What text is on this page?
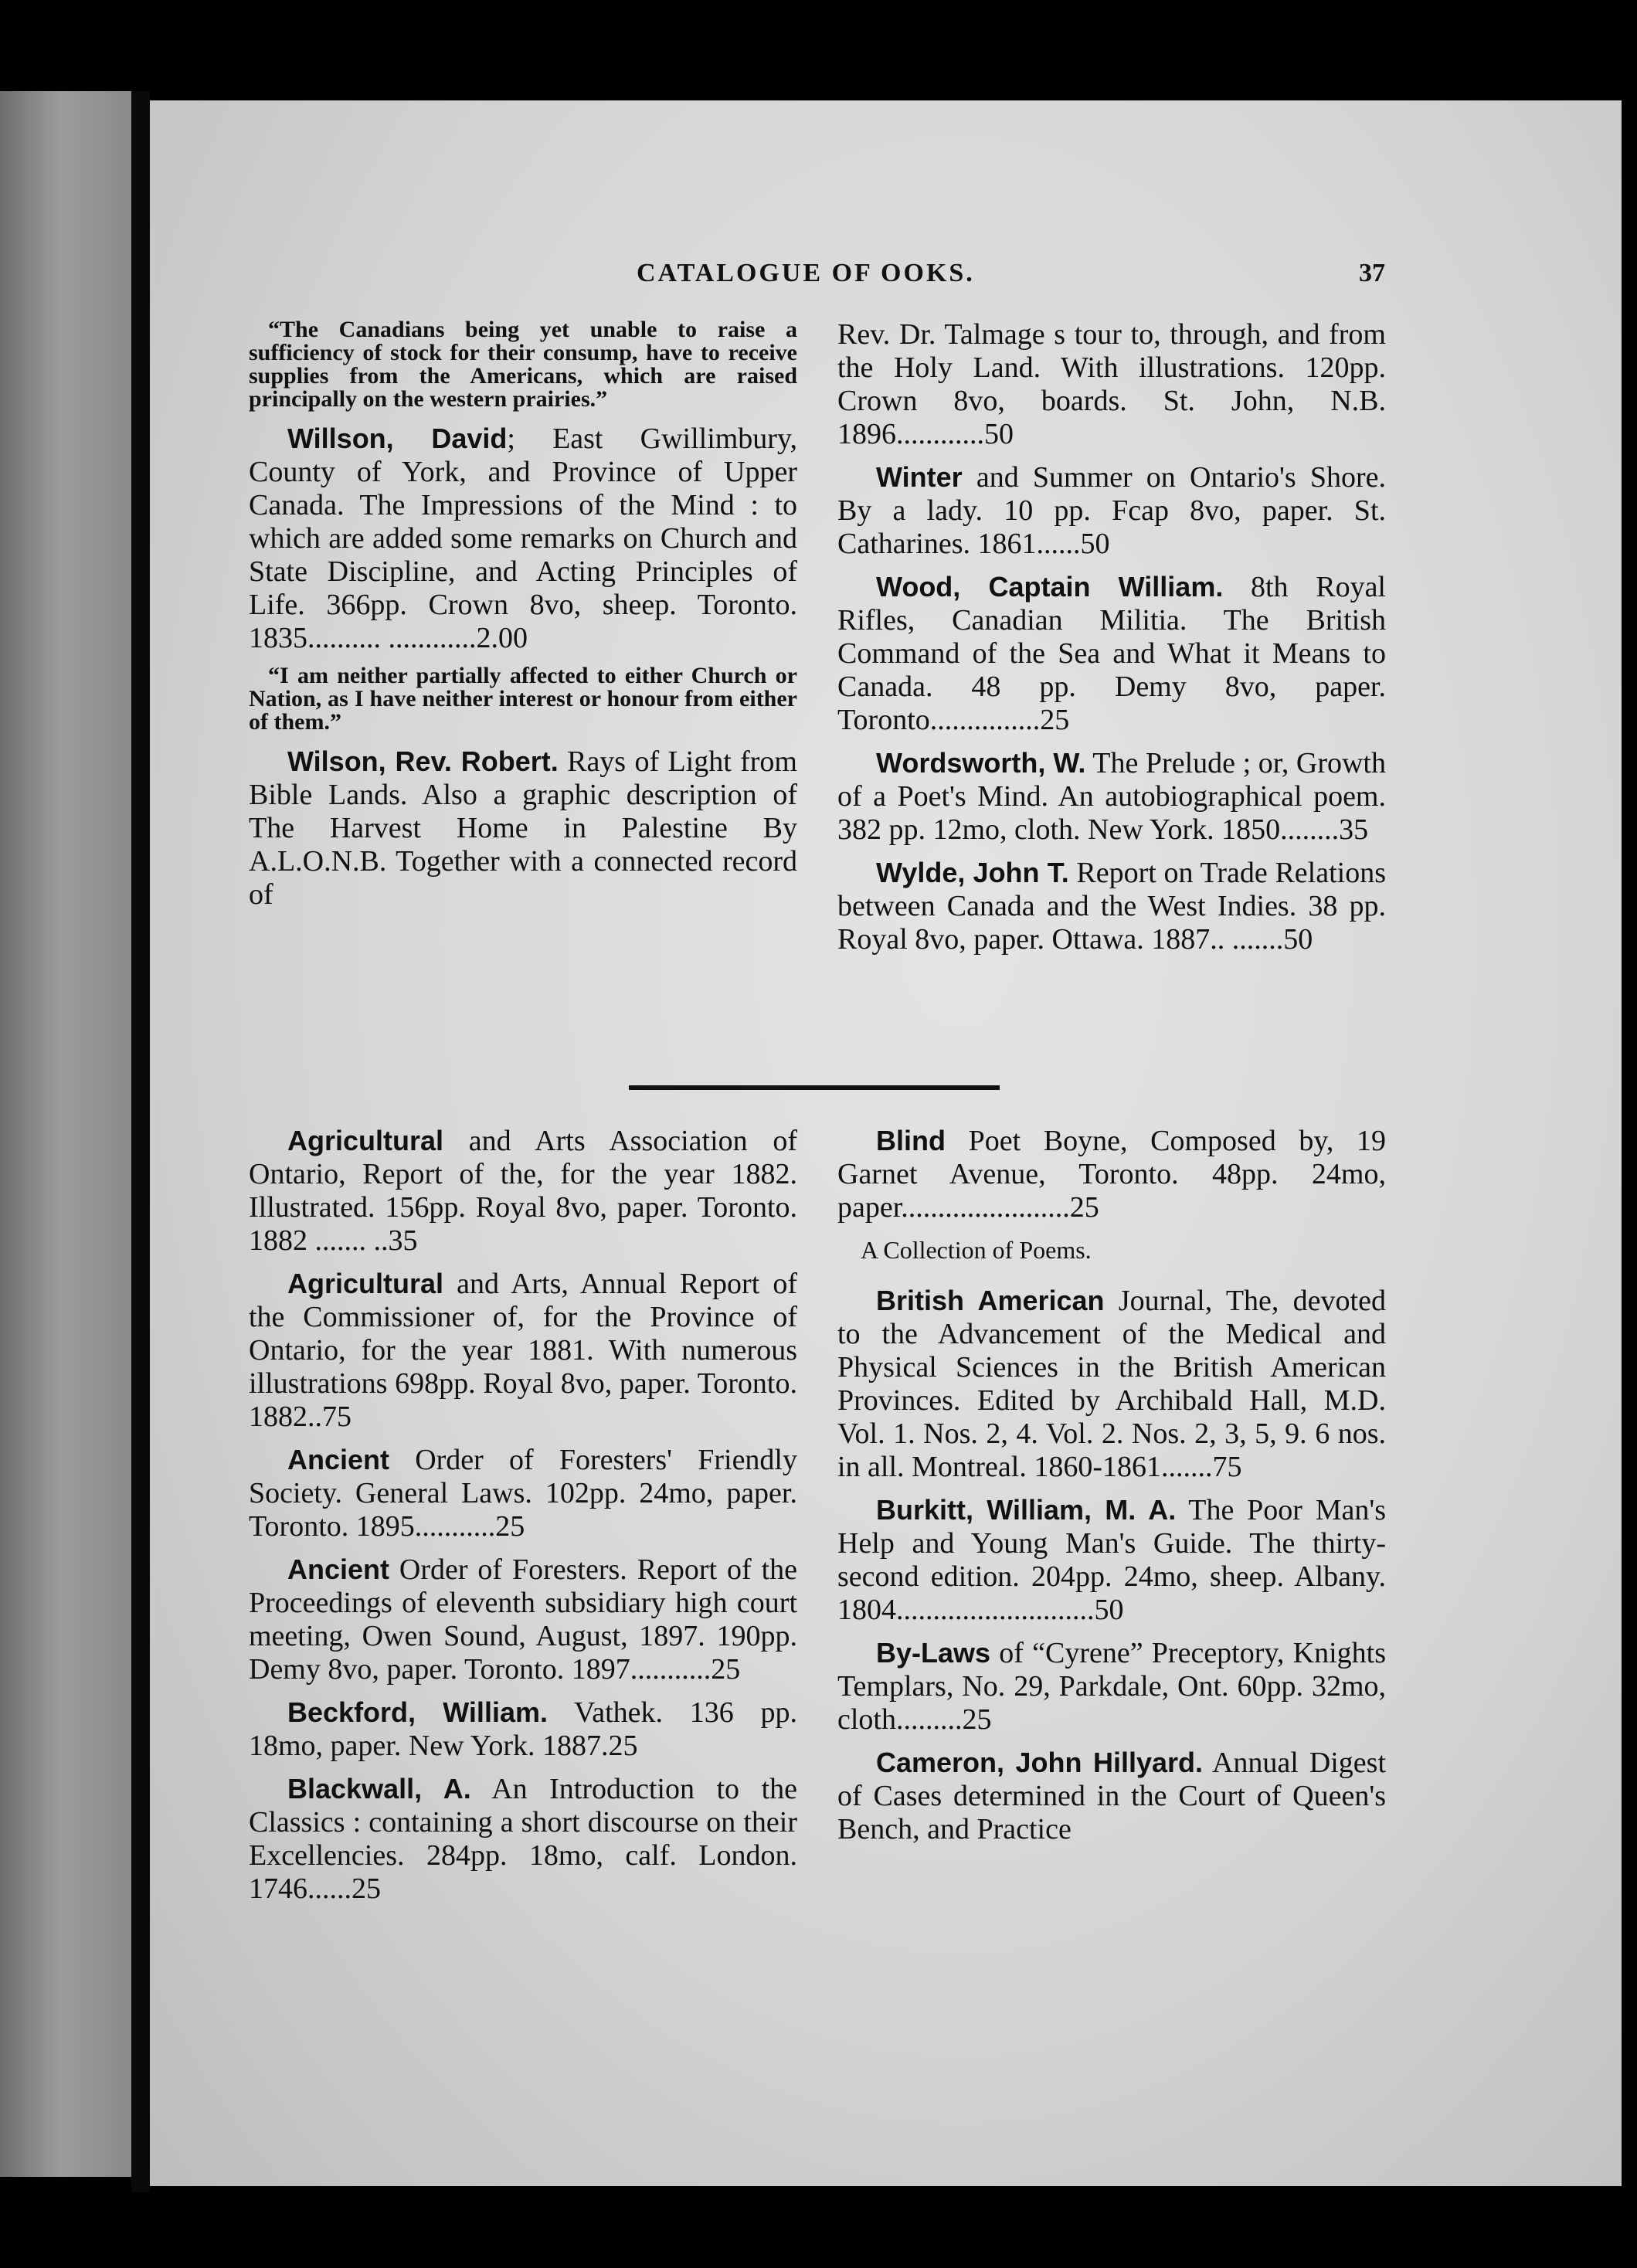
CATALOGUE OF OOKS.	37

“The Canadians being yet unable to raise a sufficiency of stock for their consump, have to receive supplies from the Americans, which are raised principally on the western prairies.”

Willson, David; East Gwillimbury, County of York, and Province of Upper Canada. The Impressions of the Mind : to which are added some remarks on Church and State Discipline, and Acting Principles of Life. 366pp. Crown 8vo, sheep. Toronto. 1835.......... ............2.00

“I am neither partially affected to either Church or Nation, as I have neither interest or honour from either of them.”

Wilson, Rev. Robert. Rays of Light from Bible Lands. Also a graphic description of The Harvest Home in Palestine By A.L.O.N.B. Together with a connected record of

Rev. Dr. Talmage s tour to, through, and from the Holy Land. With illustrations. 120pp. Crown 8vo, boards. St. John, N.B. 1896............50

Winter and Summer on Ontario's Shore. By a lady. 10 pp. Fcap 8vo, paper. St. Catharines. 1861......50

Wood, Captain William. 8th Royal Rifles, Canadian Militia. The British Command of the Sea and What it Means to Canada. 48 pp. Demy 8vo, paper. Toronto...............25

Wordsworth, W. The Prelude ; or, Growth of a Poet's Mind. An autobiographical poem. 382 pp. 12mo, cloth. New York. 1850........35

Wylde, John T. Report on Trade Relations between Canada and the West Indies. 38 pp. Royal 8vo, paper. Ottawa. 1887.. .......50

Agricultural and Arts Association of Ontario, Report of the, for the year 1882. Illustrated. 156pp. Royal 8vo, paper. Toronto. 1882 ....... ..35

Agricultural and Arts, Annual Report of the Commissioner of, for the Province of Ontario, for the year 1881. With numerous illustrations 698pp. Royal 8vo, paper. Toronto. 1882..75

Ancient Order of Foresters' Friendly Society. General Laws. 102pp. 24mo, paper. Toronto. 1895...........25

Ancient Order of Foresters. Report of the Proceedings of eleventh subsidiary high court meeting, Owen Sound, August, 1897. 190pp. Demy 8vo, paper. Toronto. 1897...........25

Beckford, William. Vathek. 136 pp. 18mo, paper. New York. 1887.25

Blackwall, A. An Introduction to the Classics : containing a short discourse on their Excellencies. 284pp. 18mo, calf. London. 1746......25

Blind Poet Boyne, Composed by, 19 Garnet Avenue, Toronto. 48pp. 24mo, paper.......................25

A Collection of Poems.

British American Journal, The, devoted to the Advancement of the Medical and Physical Sciences in the British American Provinces. Edited by Archibald Hall, M.D. Vol. 1. Nos. 2, 4. Vol. 2. Nos. 2, 3, 5, 9. 6 nos. in all. Montreal. 1860-1861.......75

Burkitt, William, M. A. The Poor Man's Help and Young Man's Guide. The thirty-second edition. 204pp. 24mo, sheep. Albany. 1804...........................50

By-Laws of “Cyrene” Preceptory, Knights Templars, No. 29, Parkdale, Ont. 60pp. 32mo, cloth.........25

Cameron, John Hillyard. Annual Digest of Cases determined in the Court of Queen's Bench, and Practice
